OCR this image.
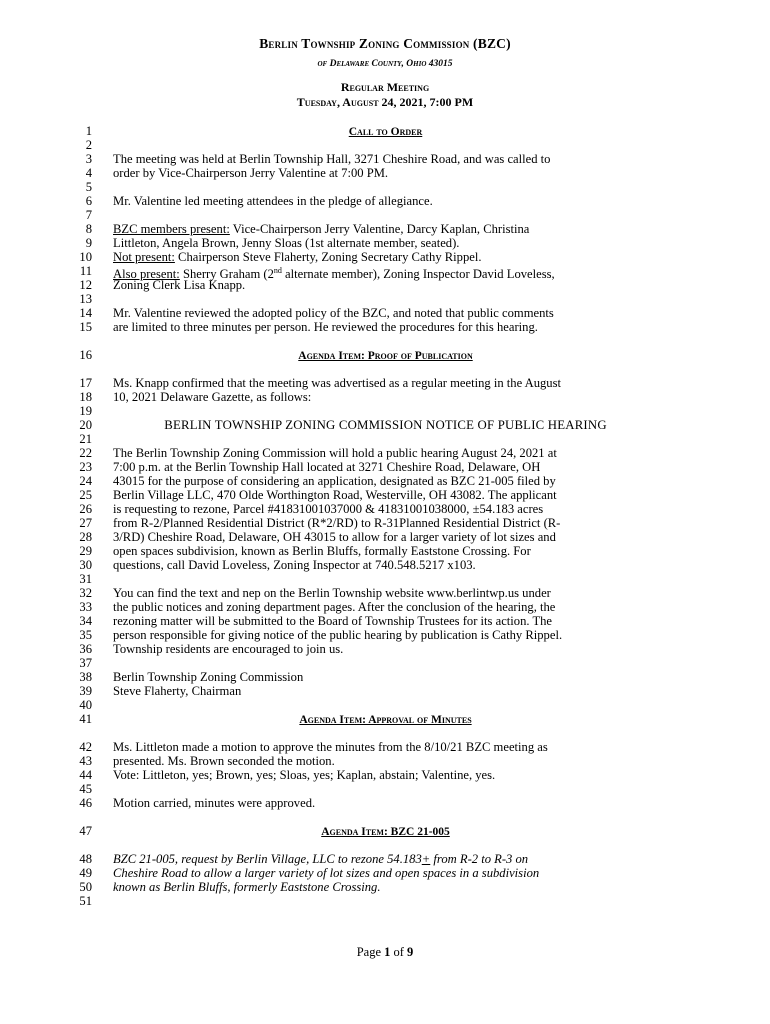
Berlin Township Zoning Commission (BZC)
of Delaware County, Ohio 43015
Regular Meeting
Tuesday, August 24, 2021, 7:00 PM
1	Call to Order
2
3 The meeting was held at Berlin Township Hall, 3271 Cheshire Road, and was called to
4 order by Vice-Chairperson Jerry Valentine at 7:00 PM.
5
6 Mr. Valentine led meeting attendees in the pledge of allegiance.
7
8 BZC members present: Vice-Chairperson Jerry Valentine, Darcy Kaplan, Christina
9 Littleton, Angela Brown, Jenny Sloas (1st alternate member, seated).
10 Not present: Chairperson Steve Flaherty, Zoning Secretary Cathy Rippel.
11 Also present: Sherry Graham (2nd alternate member), Zoning Inspector David Loveless,
12 Zoning Clerk Lisa Knapp.
13
14 Mr. Valentine reviewed the adopted policy of the BZC, and noted that public comments
15 are limited to three minutes per person. He reviewed the procedures for this hearing.
16	Agenda Item: Proof of Publication
17 Ms. Knapp confirmed that the meeting was advertised as a regular meeting in the August
18 10, 2021 Delaware Gazette, as follows:
19
20	BERLIN TOWNSHIP ZONING COMMISSION NOTICE OF PUBLIC HEARING
21
22 The Berlin Township Zoning Commission will hold a public hearing August 24, 2021 at
23 7:00 p.m. at the Berlin Township Hall located at 3271 Cheshire Road, Delaware, OH
24 43015 for the purpose of considering an application, designated as BZC 21-005 filed by
25 Berlin Village LLC, 470 Olde Worthington Road, Westerville, OH 43082. The applicant
26 is requesting to rezone, Parcel #41831001037000 & 41831001038000, ±54.183 acres
27 from R-2/Planned Residential District (R*2/RD) to R-31Planned Residential District (R-
28 3/RD) Cheshire Road, Delaware, OH 43015 to allow for a larger variety of lot sizes and
29 open spaces subdivision, known as Berlin Bluffs, formally Eaststone Crossing. For
30 questions, call David Loveless, Zoning Inspector at 740.548.5217 x103.
31
32 You can find the text and nep on the Berlin Township website www.berlintwp.us under
33 the public notices and zoning department pages. After the conclusion of the hearing, the
34 rezoning matter will be submitted to the Board of Township Trustees for its action. The
35 person responsible for giving notice of the public hearing by publication is Cathy Rippel.
36 Township residents are encouraged to join us.
37
38 Berlin Township Zoning Commission
39 Steve Flaherty, Chairman
40
41	Agenda Item: Approval of Minutes
42 Ms. Littleton made a motion to approve the minutes from the 8/10/21 BZC meeting as
43 presented. Ms. Brown seconded the motion.
44 Vote: Littleton, yes; Brown, yes; Sloas, yes; Kaplan, abstain; Valentine, yes.
45
46 Motion carried, minutes were approved.
47	Agenda Item: BZC 21-005
48 BZC 21-005, request by Berlin Village, LLC to rezone 54.183+ from R-2 to R-3 on
49 Cheshire Road to allow a larger variety of lot sizes and open spaces in a subdivision
50 known as Berlin Bluffs, formerly Eaststone Crossing.
51
Page 1 of 9
